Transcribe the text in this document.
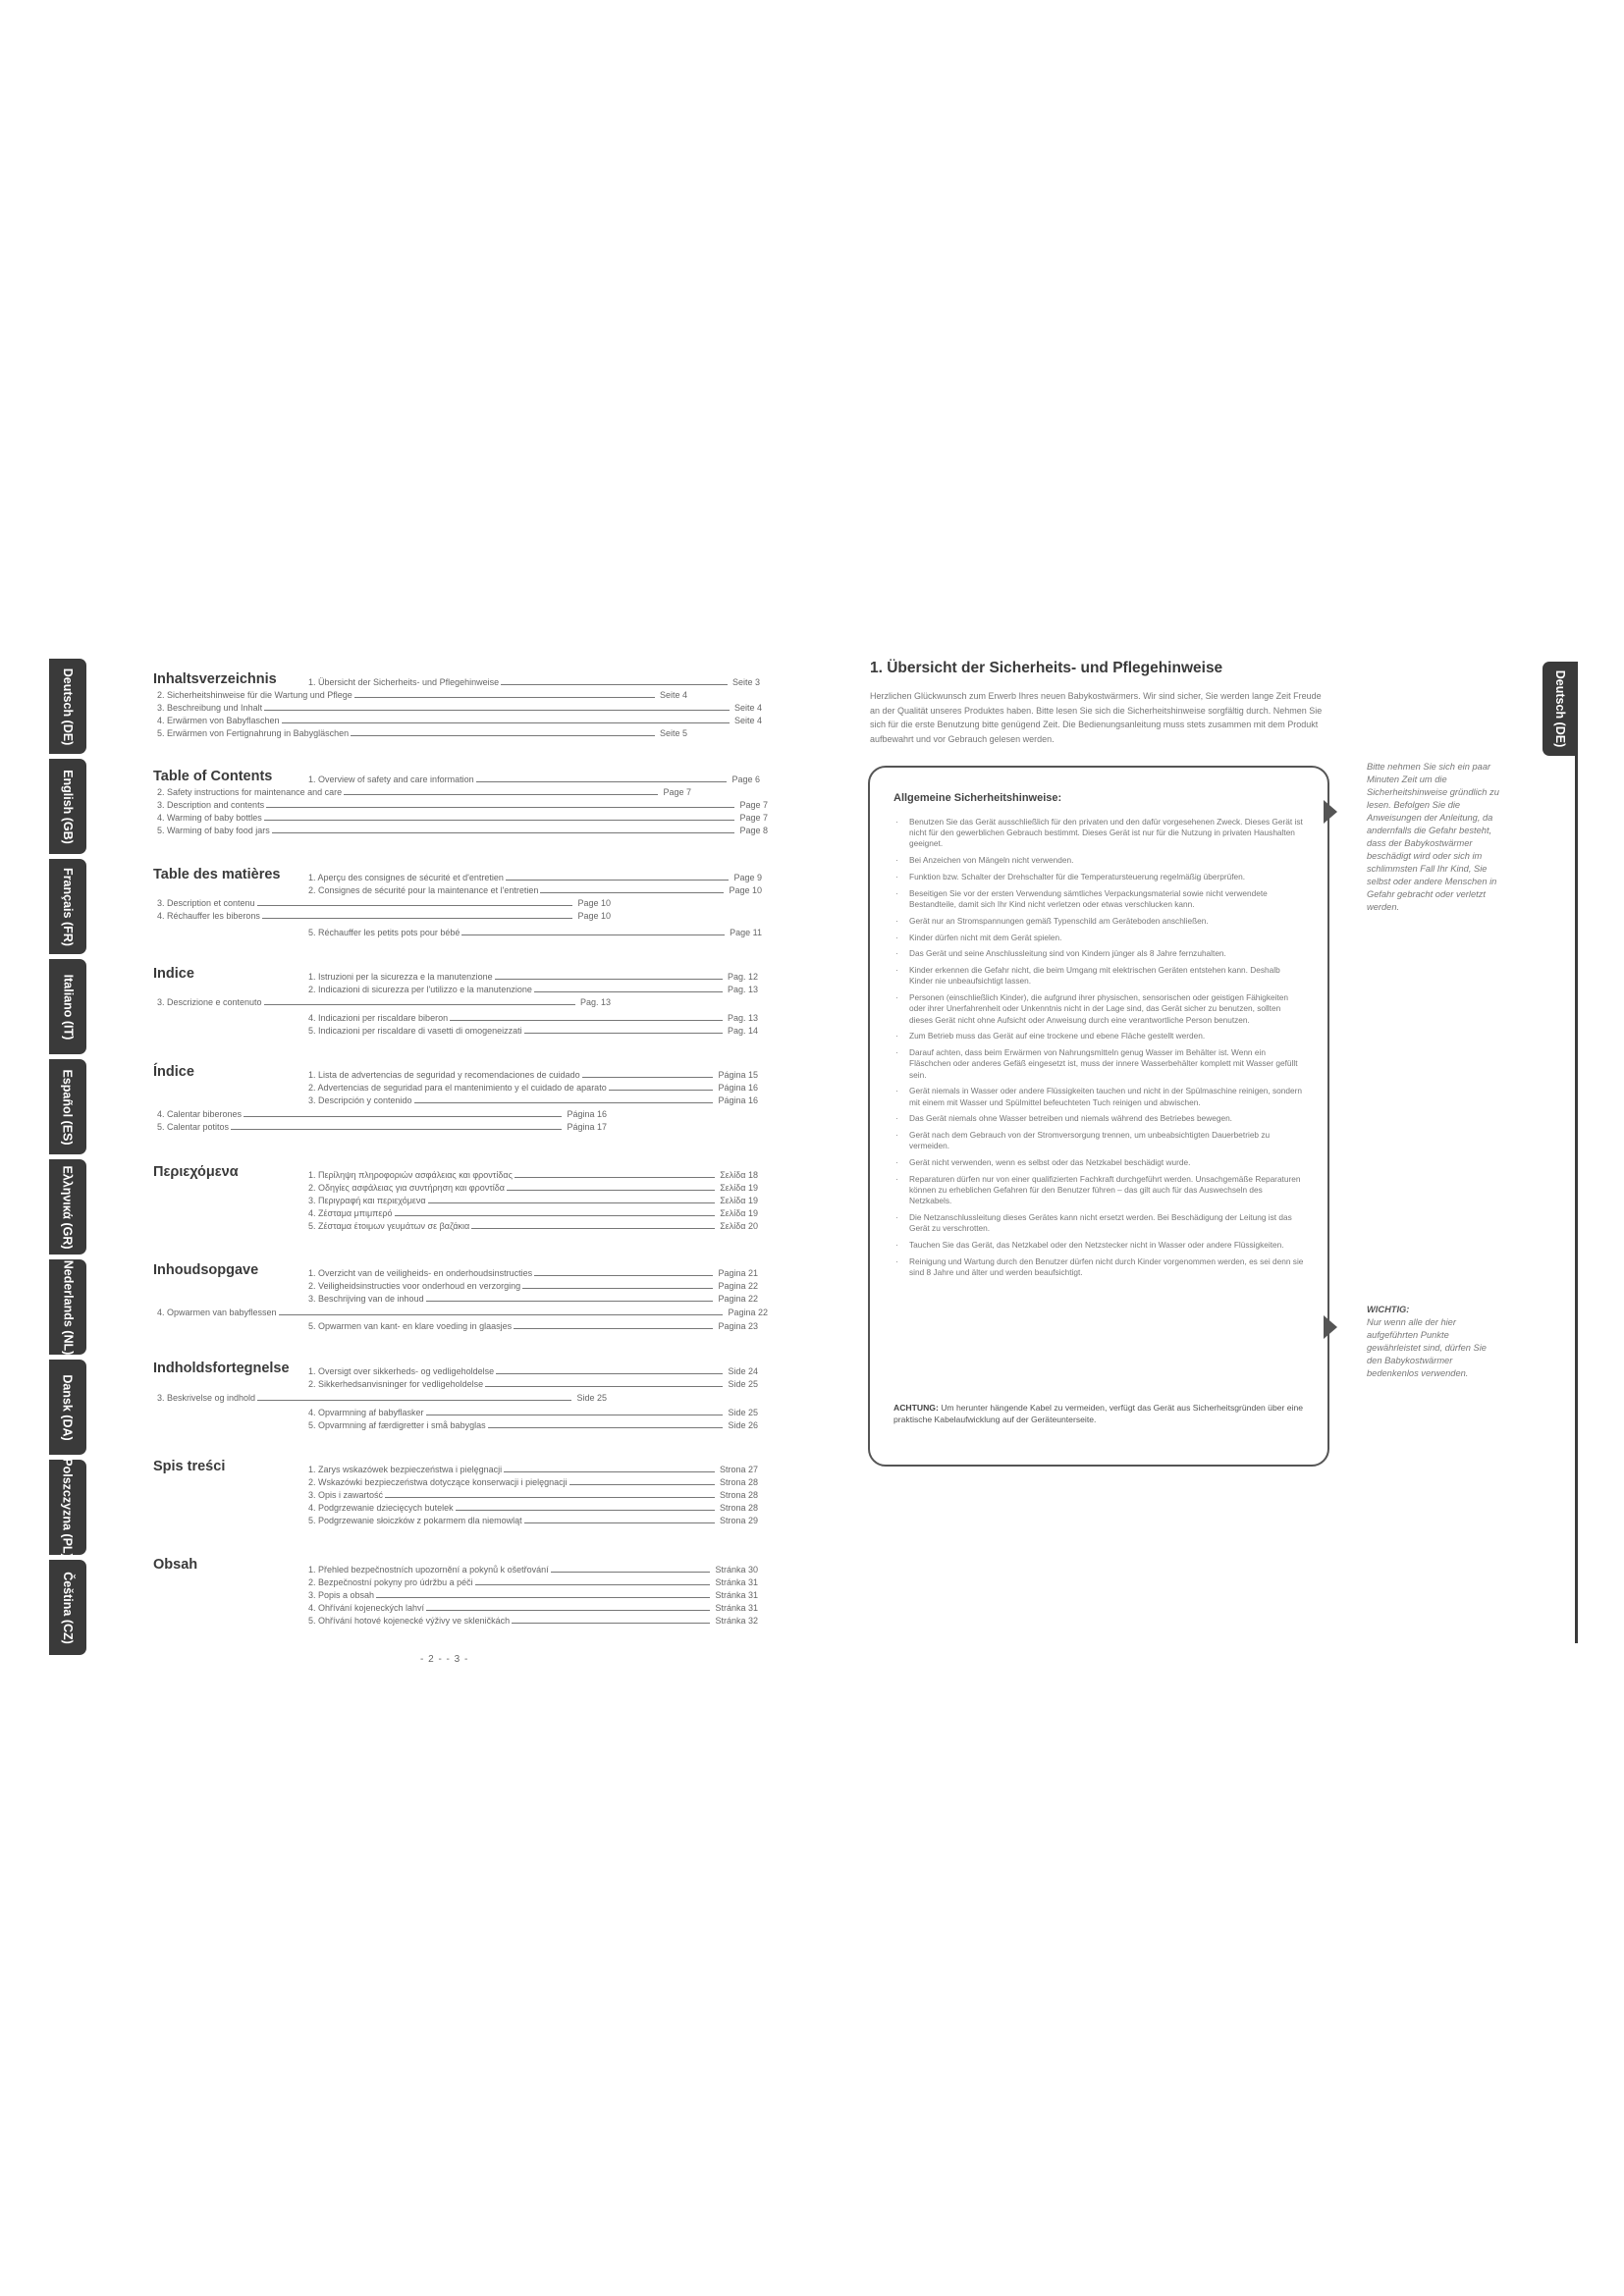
Deutsch (DE)
English (GB)
Français (FR)
Italiano (IT)
Español (ES)
Ελληνικά (GR)
Nederlands (NL)
Dansk (DA)
Polszczyzna (PL)
Čeština (CZ)
Inhaltsverzeichnis	1. Übersicht der Sicherheits- und Pflegehinweise	Seite 3
2. Sicherheitshinweise für die Wartung und Pflege	Seite 4
3. Beschreibung und Inhalt	Seite 4
4. Erwärmen von Babyflaschen	Seite 4
5. Erwärmen von Fertignahrung in Babygläschen	Seite 5
Table of Contents	1. Overview of safety and care information	Page 6
2. Safety instructions for maintenance and care	Page 7
3. Description and contents	Page 7
4. Warming of baby bottles	Page 7
5. Warming of baby food jars	Page 8
Table des matières	1. Aperçu des consignes de sécurité et d'entretien	Page 9
2. Consignes de sécurité pour la maintenance et l'entretien	Page 10
3. Description et contenu	Page 10
4. Réchauffer les biberons	Page 10
5. Réchauffer les petits pots pour bébé	Page 11
Indice	1. Istruzioni per la sicurezza e la manutenzione	Pag. 12
2. Indicazioni di sicurezza per l'utilizzo e la manutenzione	Pag. 13
3. Descrizione e contenuto	Pag. 13
4. Indicazioni per riscaldare biberon	Pag. 13
5. Indicazioni per riscaldare di vasetti di omogeneizzati	Pag. 14
Índice	1. Lista de advertencias de seguridad y recomendaciones de cuidado	Página 15
2. Advertencias de seguridad para el mantenimiento y el cuidado de aparato	Página 16
3. Descripción y contenido	Página 16
4. Calentar biberones	Página 16
5. Calentar potitos	Página 17
Περιεχόμενα	1. Περίληψη πληροφοριών ασφάλειας και φροντίδας	Σελίδα 18
2. Οδηγίες ασφάλειας για συντήρηση και φροντίδα	Σελίδα 19
3. Περιγραφή και περιεχόμενα	Σελίδα 19
4. Ζέσταμα μπιμπερό	Σελίδα 19
5. Ζέσταμα έτοιμων γευμάτων σε βαζάκια	Σελίδα 20
Inhoudsopgave	1. Overzicht van de veiligheids- en onderhoudsinstructies	Pagina 21
2. Veiligheidsinstructies voor onderhoud en verzorging	Pagina 22
3. Beschrijving van de inhoud	Pagina 22
4. Opwarmen van babyflessen	Pagina 22
5. Opwarmen van kant- en klare voeding in glaasjes	Pagina 23
Indholdsfortegnelse 1. Oversigt over sikkerheds- og vedligeholdelse	Side 24
2. Sikkerhedsanvisninger for vedligeholdelse	Side 25
3. Beskrivelse og indhold	Side 25
4. Opvarmning af babyflasker	Side 25
5. Opvarmning af færdigretter i små babyglas	Side 26
Spis treści	1. Zarys wskazówek bezpieczeństwa i pielęgnacji	Strona 27
2. Wskazówki bezpieczeństwa dotyczące konserwacji i pielęgnacji	Strona 28
3. Opis i zawartość	Strona 28
4. Podgrzewanie dziecięcych butelek	Strona 28
5. Podgrzewanie słoiczków z pokarmem dla niemowląt	Strona 29
Obsah	1. Přehled bezpečnostních upozornění a pokynů k ošetřování	Stránka 30
2. Bezpečnostní pokyny pro údržbu a péči	Stránka 31
3. Popis a obsah	Stránka 31
4. Ohřívání kojeneckých lahví	Stránka 31
5. Ohřívání hotové kojenecké výživy ve skleničkách	Stránka 32
- 2 - - 3 -
1. Übersicht der Sicherheits- und Pflegehinweise

Herzlichen Glückwunsch zum Erwerb Ihres neuen Babykostwärmers. Wir sind sicher, Sie werden lange Zeit Freude an der Qualität unseres Produktes haben. Bitte lesen Sie sich die Sicherheitshinweise sorgfältig durch. Nehmen Sie sich für die erste Benutzung bitte genügend Zeit. Die Bedienungsanleitung muss stets zusammen mit dem Produkt aufbewahrt und vor Gebrauch gelesen werden.

Allgemeine Sicherheitshinweise:
· Benutzen Sie das Gerät ausschließlich für den privaten und den dafür vorgesehenen Zweck. Dieses Gerät ist nicht für den gewerblichen Gebrauch bestimmt. Dieses Gerät ist nur für die Nutzung in privaten Haushalten geeignet.
· Bei Anzeichen von Mängeln nicht verwenden.
· Funktion bzw. Schalter der Drehschalter für die Temperatursteuerung regelmäßig überprüfen.
· Beseitigen Sie vor der ersten Verwendung sämtliches Verpackungsmaterial sowie nicht verwendete Bestandteile, damit sich Ihr Kind nicht verletzen oder etwas verschlucken kann.
· Gerät nur an Stromspannungen gemäß Typenschild am Geräteboden anschließen.
· Kinder dürfen nicht mit dem Gerät spielen.
· Das Gerät und seine Anschlussleitung sind von Kindern jünger als 8 Jahre fernzuhalten.
· Kinder erkennen die Gefahr nicht, die beim Umgang mit elektrischen Geräten entstehen kann. Deshalb Kinder nie unbeaufsichtigt lassen.
· Personen (einschließlich Kinder), die aufgrund ihrer physischen, sensorischen oder geistigen Fähigkeiten oder ihrer Unerfahrenheit oder Unkenntnis nicht in der Lage sind, das Gerät sicher zu benutzen, sollten dieses Gerät nicht ohne Aufsicht oder Anweisung durch eine verantwortliche Person benutzen.
· Zum Betrieb muss das Gerät auf eine trockene und ebene Fläche gestellt werden.
· Darauf achten, dass beim Erwärmen von Nahrungsmitteln genug Wasser im Behälter ist. Wenn ein Fläschchen oder anderes Gefäß eingesetzt ist, muss der innere Wasserbehälter komplett mit Wasser gefüllt sein.
· Gerät niemals in Wasser oder andere Flüssigkeiten tauchen und nicht in der Spülmaschine reinigen, sondern mit einem mit Wasser und Spülmittel befeuchteten Tuch reinigen und abwischen.
· Das Gerät niemals ohne Wasser betreiben und niemals während des Betriebes bewegen.
· Gerät nach dem Gebrauch von der Stromversorgung trennen, um unbeabsichtigten Dauerbetrieb zu vermeiden.
· Gerät nicht verwenden, wenn es selbst oder das Netzkabel beschädigt wurde.
· Reparaturen dürfen nur von einer qualifizierten Fachkraft durchgeführt werden. Unsachgemäße Reparaturen können zu erheblichen Gefahren für den Benutzer führen – das gilt auch für das Auswechseln des Netzkabels.
· Die Netzanschlussleitung dieses Gerätes kann nicht ersetzt werden. Bei Beschädigung der Leitung ist das Gerät zu verschrotten.
· Tauchen Sie das Gerät, das Netzkabel oder den Netzstecker nicht in Wasser oder andere Flüssigkeiten.
· Reinigung und Wartung durch den Benutzer dürfen nicht durch Kinder vorgenommen werden, es sei denn sie sind 8 Jahre und älter und werden beaufsichtigt.
ACHTUNG: Um herunter hängende Kabel zu vermeiden, verfügt das Gerät aus Sicherheitsgründen über eine praktische Kabelaufwicklung auf der Geräteunterseite.
Bitte nehmen Sie sich ein paar Minuten Zeit um die Sicherheitshinweise gründlich zu lesen. Befolgen Sie die Anweisungen der Anleitung, da andernfalls die Gefahr besteht, dass der Babykostwärmer beschädigt wird oder sich im schlimmsten Fall Ihr Kind, Sie selbst oder andere Menschen in Gefahr gebracht oder verletzt werden.
WICHTIG:
Nur wenn alle der hier aufgeführten Punkte gewährleistet sind, dürfen Sie den Babykostwärmer bedenkenlos verwenden.
Deutsch (DE)
